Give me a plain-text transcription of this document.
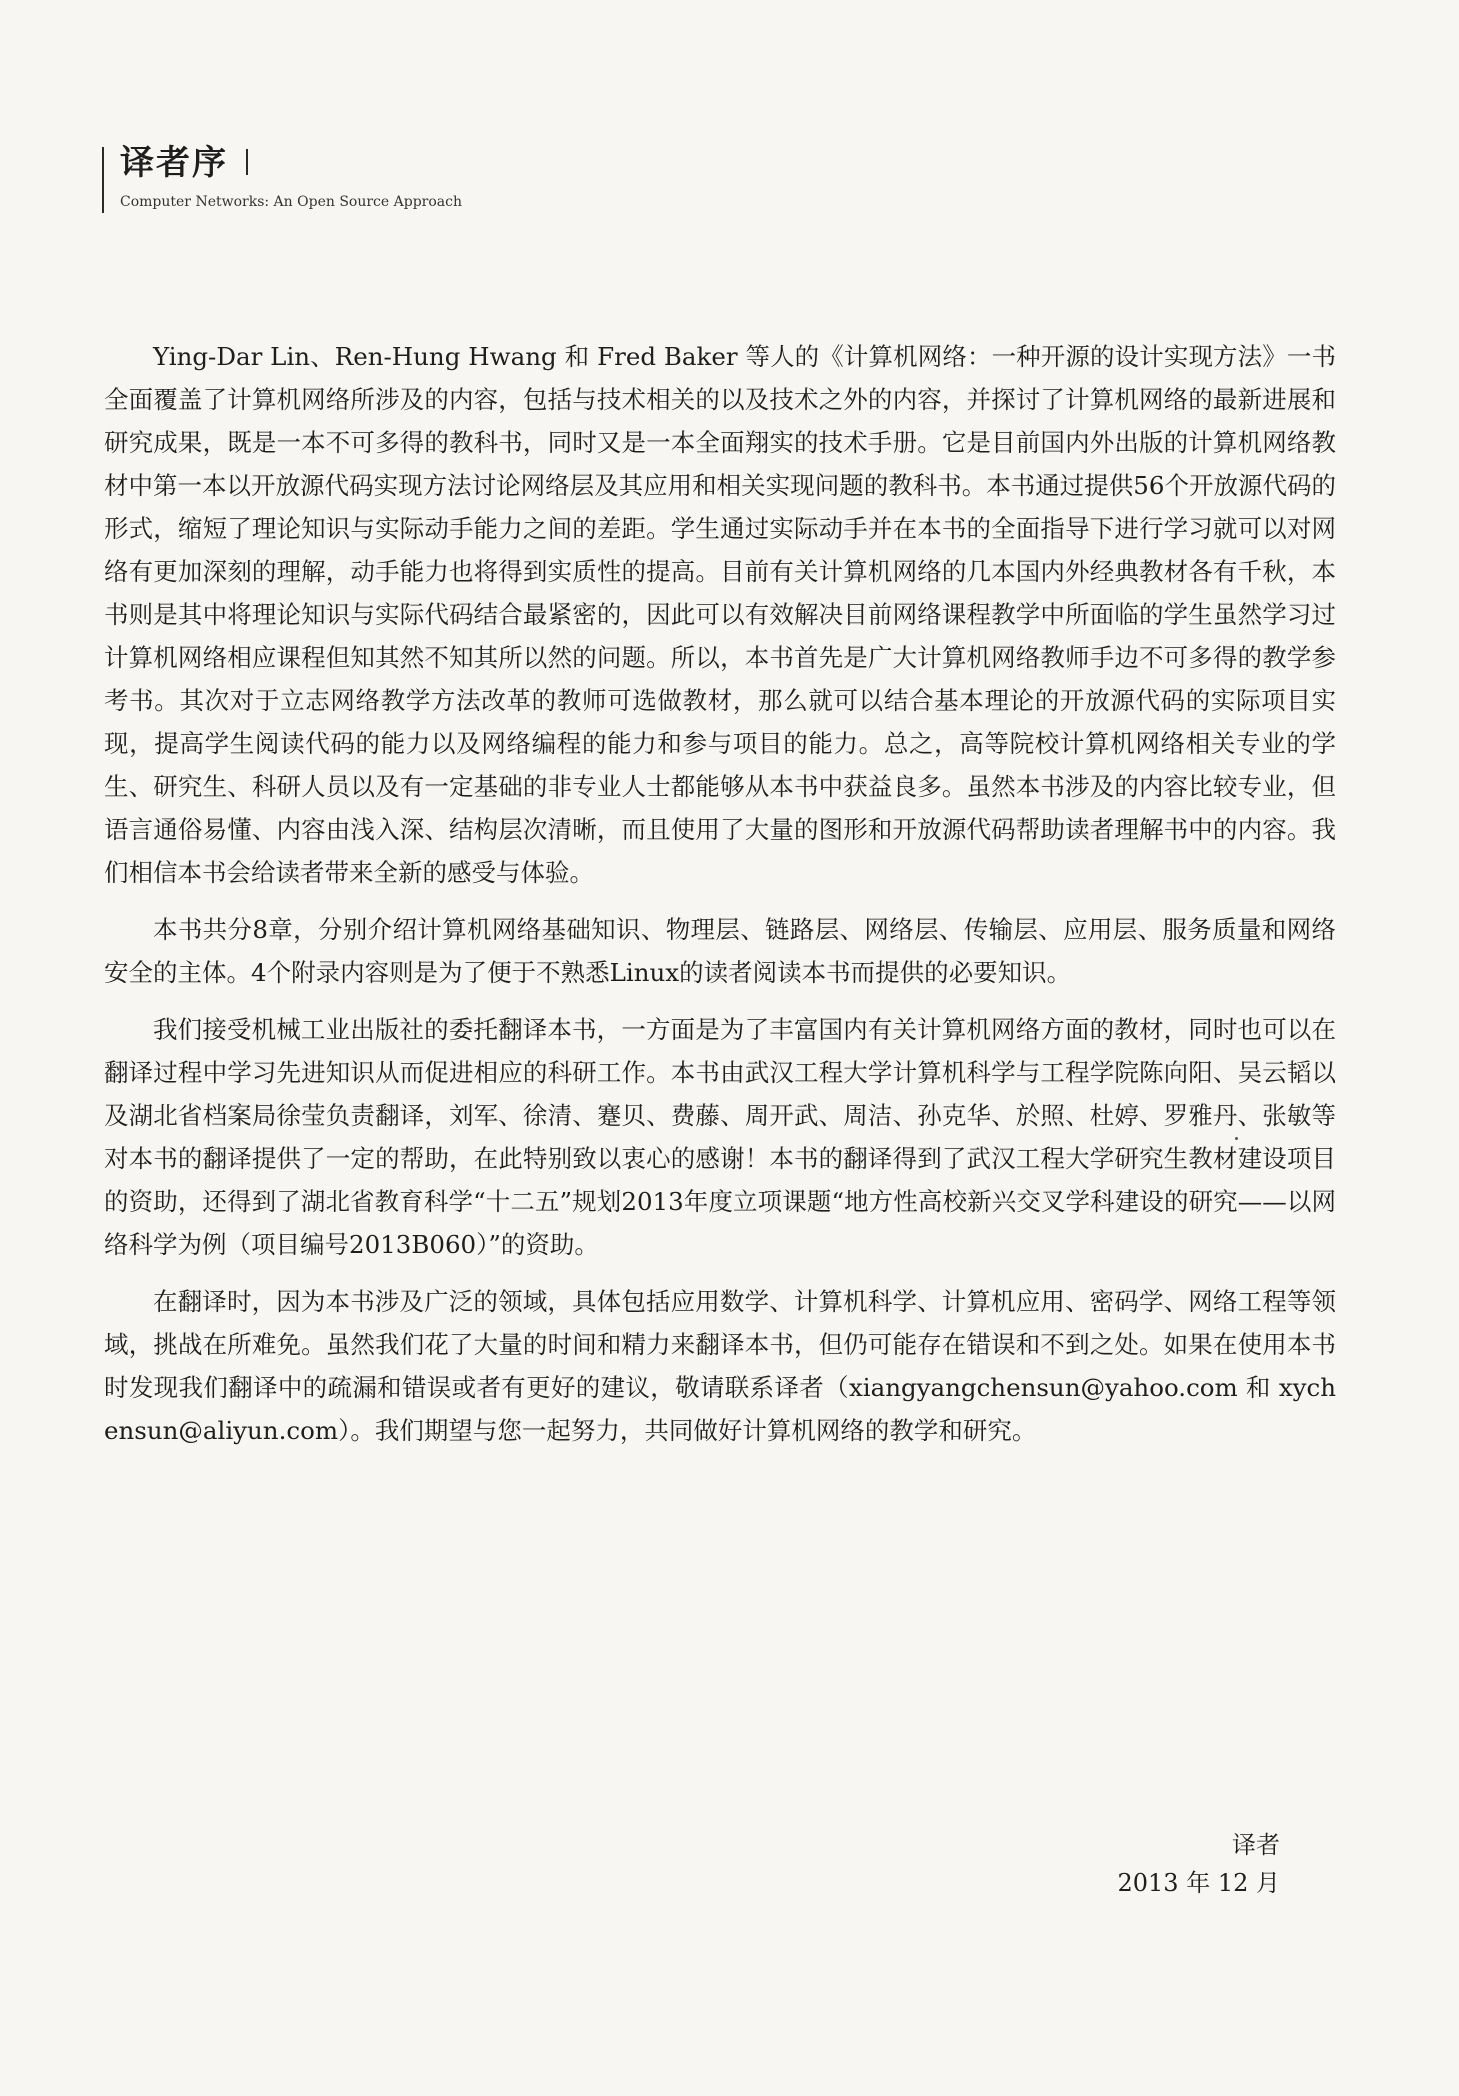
译者序
Computer Networks: An Open Source Approach

Ying-Dar Lin、Ren-Hung Hwang 和 Fred Baker 等人的《计算机网络：一种开源的设计实现方法》一书全面覆盖了计算机网络所涉及的内容，包括与技术相关的以及技术之外的内容，并探讨了计算机网络的最新进展和研究成果，既是一本不可多得的教科书，同时又是一本全面翔实的技术手册。它是目前国内外出版的计算机网络教材中第一本以开放源代码实现方法讨论网络层及其应用和相关实现问题的教科书。本书通过提供56个开放源代码的形式，缩短了理论知识与实际动手能力之间的差距。学生通过实际动手并在本书的全面指导下进行学习就可以对网络有更加深刻的理解，动手能力也将得到实质性的提高。目前有关计算机网络的几本国内外经典教材各有千秋，本书则是其中将理论知识与实际代码结合最紧密的，因此可以有效解决目前网络课程教学中所面临的学生虽然学习过计算机网络相应课程但知其然不知其所以然的问题。所以，本书首先是广大计算机网络教师手边不可多得的教学参考书。其次对于立志网络教学方法改革的教师可选做教材，那么就可以结合基本理论的开放源代码的实际项目实现，提高学生阅读代码的能力以及网络编程的能力和参与项目的能力。总之，高等院校计算机网络相关专业的学生、研究生、科研人员以及有一定基础的非专业人士都能够从本书中获益良多。虽然本书涉及的内容比较专业，但语言通俗易懂、内容由浅入深、结构层次清晰，而且使用了大量的图形和开放源代码帮助读者理解书中的内容。我们相信本书会给读者带来全新的感受与体验。

本书共分8章，分别介绍计算机网络基础知识、物理层、链路层、网络层、传输层、应用层、服务质量和网络安全的主体。4个附录内容则是为了便于不熟悉Linux的读者阅读本书而提供的必要知识。

我们接受机械工业出版社的委托翻译本书，一方面是为了丰富国内有关计算机网络方面的教材，同时也可以在翻译过程中学习先进知识从而促进相应的科研工作。本书由武汉工程大学计算机科学与工程学院陈向阳、吴云韬以及湖北省档案局徐莹负责翻译，刘军、徐清、蹇贝、费藤、周开武、周洁、孙克华、於照、杜婷、罗雅丹、张敏等对本书的翻译提供了一定的帮助，在此特别致以衷心的感谢！本书的翻译得到了武汉工程大学研究生教材建设项目的资助，还得到了湖北省教育科学“十二五”规划2013年度立项课题“地方性高校新兴交叉学科建设的研究——以网络科学为例（项目编号2013B060）”的资助。

在翻译时，因为本书涉及广泛的领域，具体包括应用数学、计算机科学、计算机应用、密码学、网络工程等领域，挑战在所难免。虽然我们花了大量的时间和精力来翻译本书，但仍可能存在错误和不到之处。如果在使用本书时发现我们翻译中的疏漏和错误或者有更好的建议，敬请联系译者（xiangyangchensun@yahoo.com 和 xychensun@aliyun.com）。我们期望与您一起努力，共同做好计算机网络的教学和研究。

译者
2013 年 12 月
